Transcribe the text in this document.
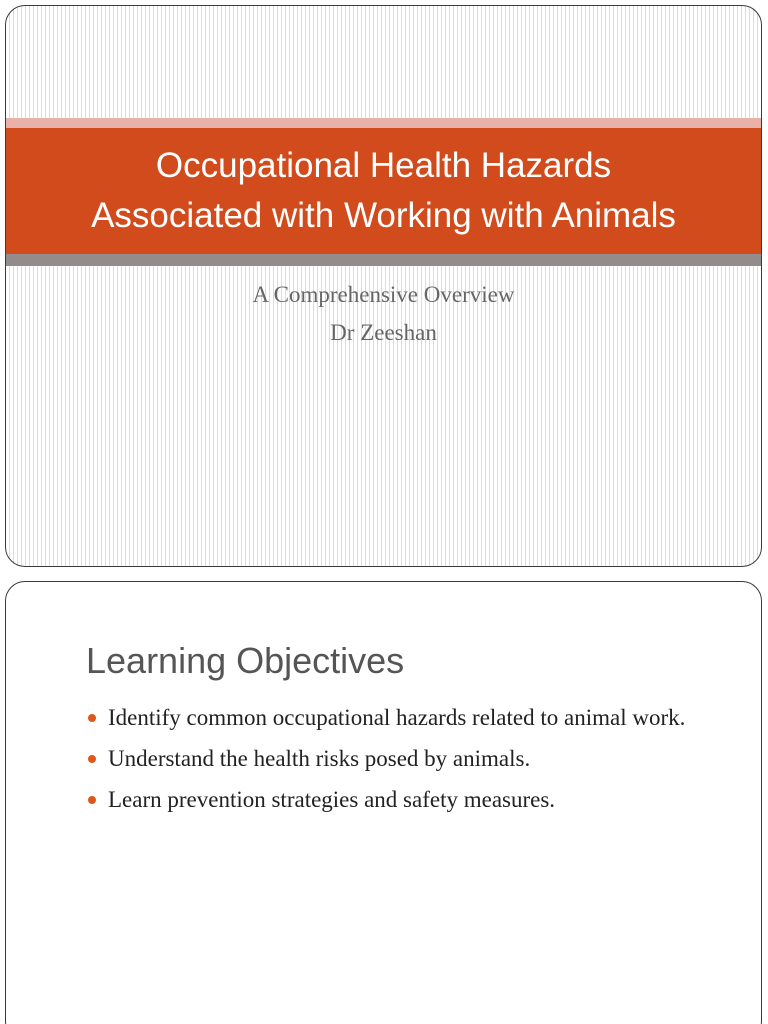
Occupational Health Hazards
Associated with Working with Animals
A Comprehensive Overview
Dr Zeeshan
Learning Objectives
Identify common occupational hazards related to animal work.
Understand the health risks posed by animals.
Learn prevention strategies and safety measures.
